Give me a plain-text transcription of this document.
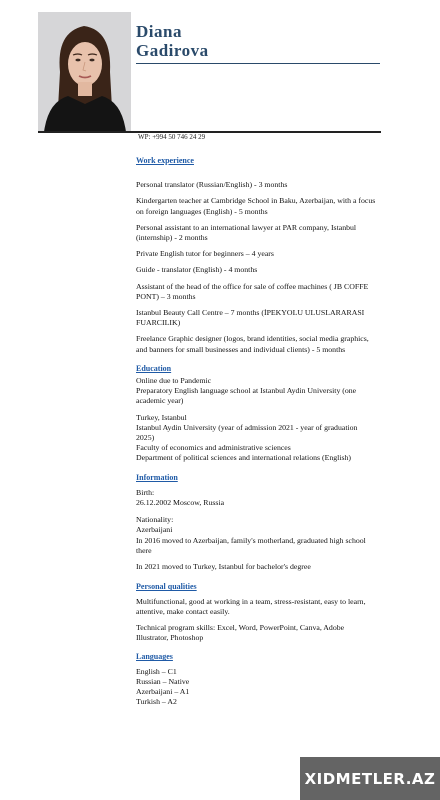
Diana
Gadirova
WP: +994 50 746 24 29

Work experience

Personal translator (Russian/English) - 3 months

Kindergarten teacher at Cambridge School in Baku, Azerbaijan, with a focus on foreign languages (English) - 5 months

Personal assistant to an international lawyer at PAR company, Istanbul (internship) - 2 months

Private English tutor for beginners – 4 years

Guide - translator (English) - 4 months

Assistant of the head of the office for sale of coffee machines ( JB COFFE PONT) – 3 months

Istanbul Beauty Call Centre – 7 months (İPEKYOLU ULUSLARARASI FUARCILIK)

Freelance Graphic designer (logos, brand identities, social media graphics, and banners for small businesses and individual clients) - 5 months

Education

Online due to Pandemic

Preparatory English language school at Istanbul Aydin University (one academic year)

Turkey, Istanbul

Istanbul Aydin University (year of admission 2021 - year of graduation 2025)

Faculty of economics and administrative sciences

Department of political sciences and international relations (English)

Information

Birth:

26.12.2002 Moscow, Russia

Nationality:

Azerbaijani

In 2016 moved to Azerbaijan, family's motherland, graduated high school there

In 2021 moved to Turkey, Istanbul for bachelor's degree

Personal qualities

Multifunctional, good at working in a team, stress-resistant, easy to learn, attentive, make contact easily.

Technical program skills: Excel, Word, PowerPoint, Canva, Adobe Illustrator, Photoshop

Languages

English – C1

Russian – Native

Azerbaijani – A1

Turkish – A2

XIDMETLER.AZ
